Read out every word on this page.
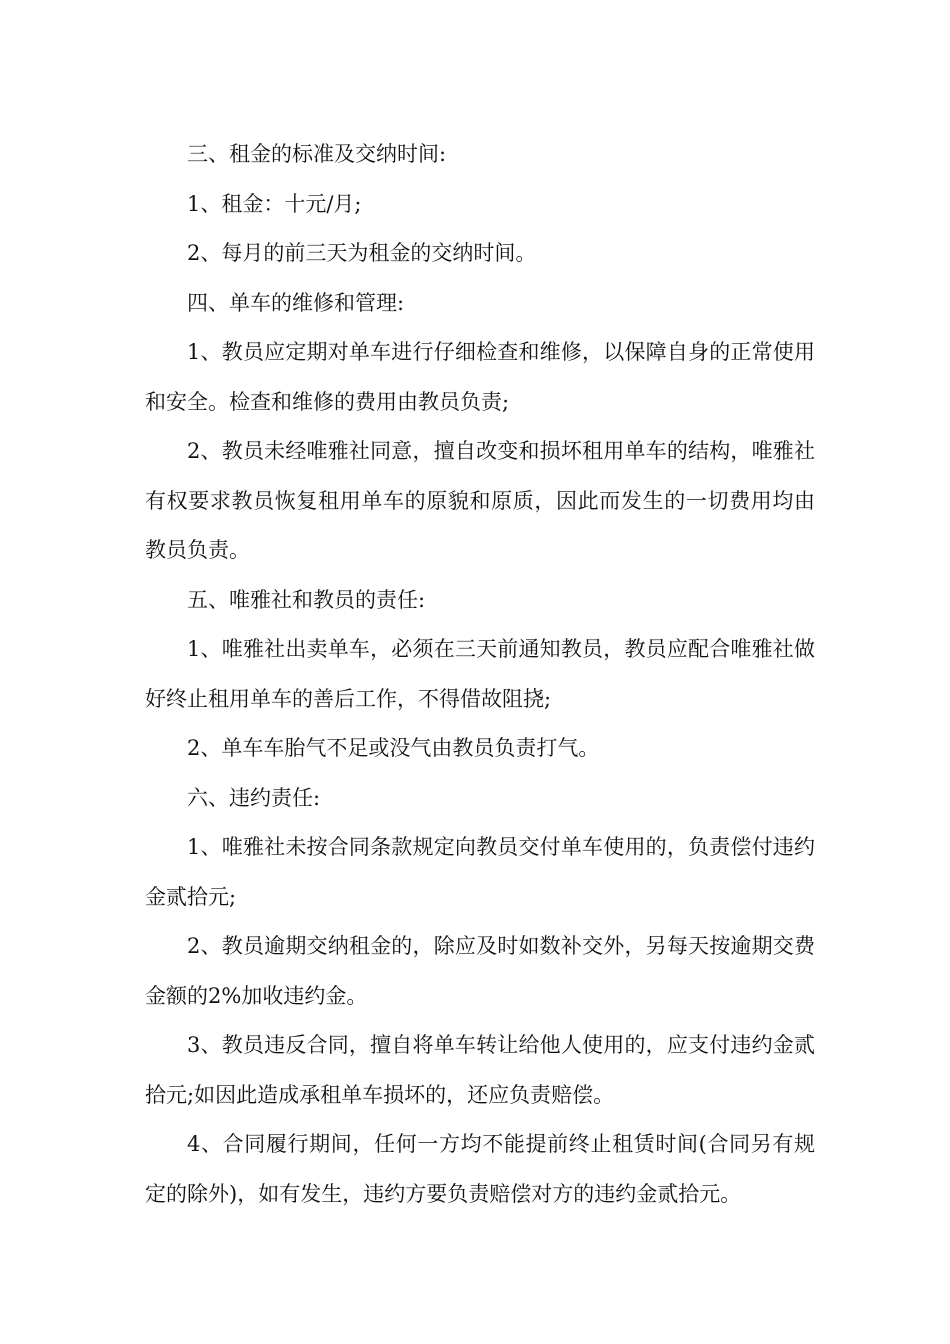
三、租金的标准及交纳时间:

1、租金：十元/月;

2、每月的前三天为租金的交纳时间。

四、单车的维修和管理:

1、教员应定期对单车进行仔细检查和维修，以保障自身的正常使用和安全。检查和维修的费用由教员负责;

2、教员未经唯雅社同意，擅自改变和损坏租用单车的结构，唯雅社有权要求教员恢复租用单车的原貌和原质，因此而发生的一切费用均由教员负责。

五、唯雅社和教员的责任:

1、唯雅社出卖单车，必须在三天前通知教员，教员应配合唯雅社做好终止租用单车的善后工作，不得借故阻挠;

2、单车车胎气不足或没气由教员负责打气。

六、违约责任:

1、唯雅社未按合同条款规定向教员交付单车使用的，负责偿付违约金贰拾元;

2、教员逾期交纳租金的，除应及时如数补交外，另每天按逾期交费金额的2%加收违约金。

3、教员违反合同，擅自将单车转让给他人使用的，应支付违约金贰拾元;如因此造成承租单车损坏的，还应负责赔偿。

4、合同履行期间，任何一方均不能提前终止租赁时间(合同另有规定的除外)，如有发生，违约方要负责赔偿对方的违约金贰拾元。
